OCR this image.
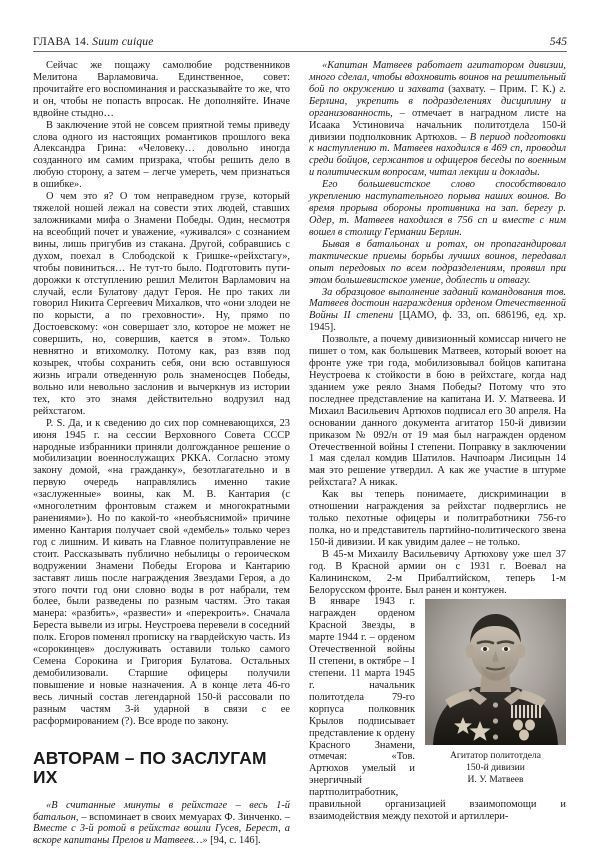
ГЛАВА 14. Suum cuique	545

Сейчас же пощажу самолюбие родственников Мелитона Варламовича. Единственное, совет: прочитайте его воспоминания и рассказывайте то же, что и он, чтобы не попасть впросак. Не дополняйте. Иначе вдвойне стыдно…

В заключение этой не совсем приятной темы приведу слова одного из настоящих романтиков прошлого века Александра Грина: «Человеку… довольно иногда созданного им самим призрака, чтобы решить дело в любую сторону, а затем – легче умереть, чем признаться в ошибке».

О чем это я? О том неправедном грузе, который тяжелой ношей лежал на совести этих людей, ставших заложниками мифа о Знамени Победы. Один, несмотря на всеобщий почет и уважение, «уживался» с сознанием вины, лишь пригубив из стакана. Другой, собравшись с духом, поехал в Слободской к Гришке-«рейхстагу», чтобы повиниться… Не тут-то было. Подготовить пути-дорожки к отступлению решил Мелитон Варламович на случай, если Булатову дадут Героя. Не про таких ли говорил Никита Сергеевич Михалков, что «они злодеи не по корысти, а по греховности». Ну, прямо по Достоевскому: «он совершает зло, которое не может не совершить, но, совершив, кается в этом». Только невнятно и втихомолку. Потому как, раз взяв под козырек, чтобы сохранить себя, они всю оставшуюся жизнь играли отведенную роль знаменосцев Победы, вольно или невольно заслонив и вычеркнув из истории тех, кто это знамя действительно водрузил над рейхстагом.

P. S. Да, и к сведению до сих пор сомневающихся, 23 июня 1945 г. на сессии Верховного Совета СССР народные избранники приняли долгожданное решение о мобилизации военнослужащих РККА. Согласно этому закону домой, «на гражданку», безотлагательно и в первую очередь направлялись именно такие «заслуженные» воины, как М. В. Кантария (с «многолетним фронтовым стажем и многократными ранениями»). Но по какой-то «необъяснимой» причине именно Кантария получает свой «дембель» только через год с лишним. И кивать на Главное политуправление не стоит. Рассказывать публично небылицы о героическом водружении Знамени Победы Егорова и Кантарию заставят лишь после награждения Звездами Героя, а до этого почти год они словно воды в рот набрали, тем более, были разведены по разным частям. Это такая манера: «разбить», «развести» и «перекроить». Сначала Береста вывели из игры. Неустроева перевели в соседний полк. Егоров поменял прописку на гвардейскую часть. Из «сорокинцев» дослуживать оставили только самого Семена Сорокина и Григория Булатова. Остальных демобилизовали. Старшие офицеры получили повышение и новые назначения. А в конце лета 46-го весь личный состав легендарной 150-й рассовали по разным частям 3-й ударной в связи с ее расформированием (?). Все вроде по закону.

АВТОРАМ – ПО ЗАСЛУГАМ ИХ

«В считанные минуты в рейхстаге – весь 1-й батальон, – вспоминает в своих мемуарах Ф. Зинченко. – Вместе с 3-й ротой в рейхстаг вошли Гусев, Берест, а вскоре капитаны Прелов и Матвеев…» [94, с. 146].

«Капитан Матвеев работает агитатором дивизии, много сделал, чтобы вдохновить воинов на решительный бой по окружению и захвата (захвату. – Прим. Г. К.) г. Берлина, укрепить в подразделениях дисциплину и организованность, – отмечает в наградном листе на Исаака Устиновича начальник политотдела 150-й дивизии подполковник Артюхов. – В период подготовки к наступлению т. Матвеев находился в 469 сп, проводил среди бойцов, сержантов и офицеров беседы по военным и политическим вопросам, читал лекции и доклады.

Его большевистское слово способствовало укреплению наступательного порыва наших воинов. Во время прорыва обороны противника на зап. берегу р. Одер, т. Матвеев находился в 756 сп и вместе с ним вошел в столицу Германии Берлин.

Бывая в батальонах и ротах, он пропагандировал тактические приемы борьбы лучших воинов, передавал опыт передовых по всем подразделениям, проявил при этом большевистское умение, доблесть и отвагу.

За образцовое выполнение заданий командования тов. Матвеев достоин награждения орденом Отечественной Войны II степени [ЦАМО, ф. 33, оп. 686196, ед. хр. 1945].

Позвольте, а почему дивизионный комиссар ничего не пишет о том, как большевик Матвеев, который воюет на фронте уже три года, мобилизовывал бойцов капитана Неустроева к стойкости в бою в рейхстаге, когда над зданием уже реяло Знамя Победы? Потому что это последнее представление на капитана И. У. Матвеева. И Михаил Васильевич Артюхов подписал его 30 апреля. На основании данного документа агитатор 150-й дивизии приказом № 092/н от 19 мая был награжден орденом Отечественной войны I степени. Поправку в заключении 1 мая сделал комдив Шатилов. Начпоарм Лисицын 14 мая это решение утвердил. А как же участие в штурме рейхстага? А никак.

Как вы теперь понимаете, дискриминации в отношении награждения за рейхстаг подверглись не только пехотные офицеры и политработники 756-го полка, но и представитель партийно-политического звена 150-й дивизии. И как увидим далее – не только.

В 45-м Михаилу Васильевичу Артюхову уже шел 37 год. В Красной армии он с 1931 г. Воевал на Калининском, 2-м Прибалтийском, теперь 1-м Белорусском фронте. Был ранен и контужен.

Агитатор политотдела
150-й дивизии
И. У. Матвеев

В январе 1943 г. награжден орденом Красной Звезды, в марте 1944 г. – орденом Отечественной войны II степени, в октябре – I степени. 11 марта 1945 г. начальник политотдела 79-го корпуса полковник Крылов подписывает представление к ордену Красного Знамени, отмечая: «Тов. Артюхов умелый и энергичный партполитработник, правильной организацией взаимопомощи и взаимодействия между пехотой и артиллери-
